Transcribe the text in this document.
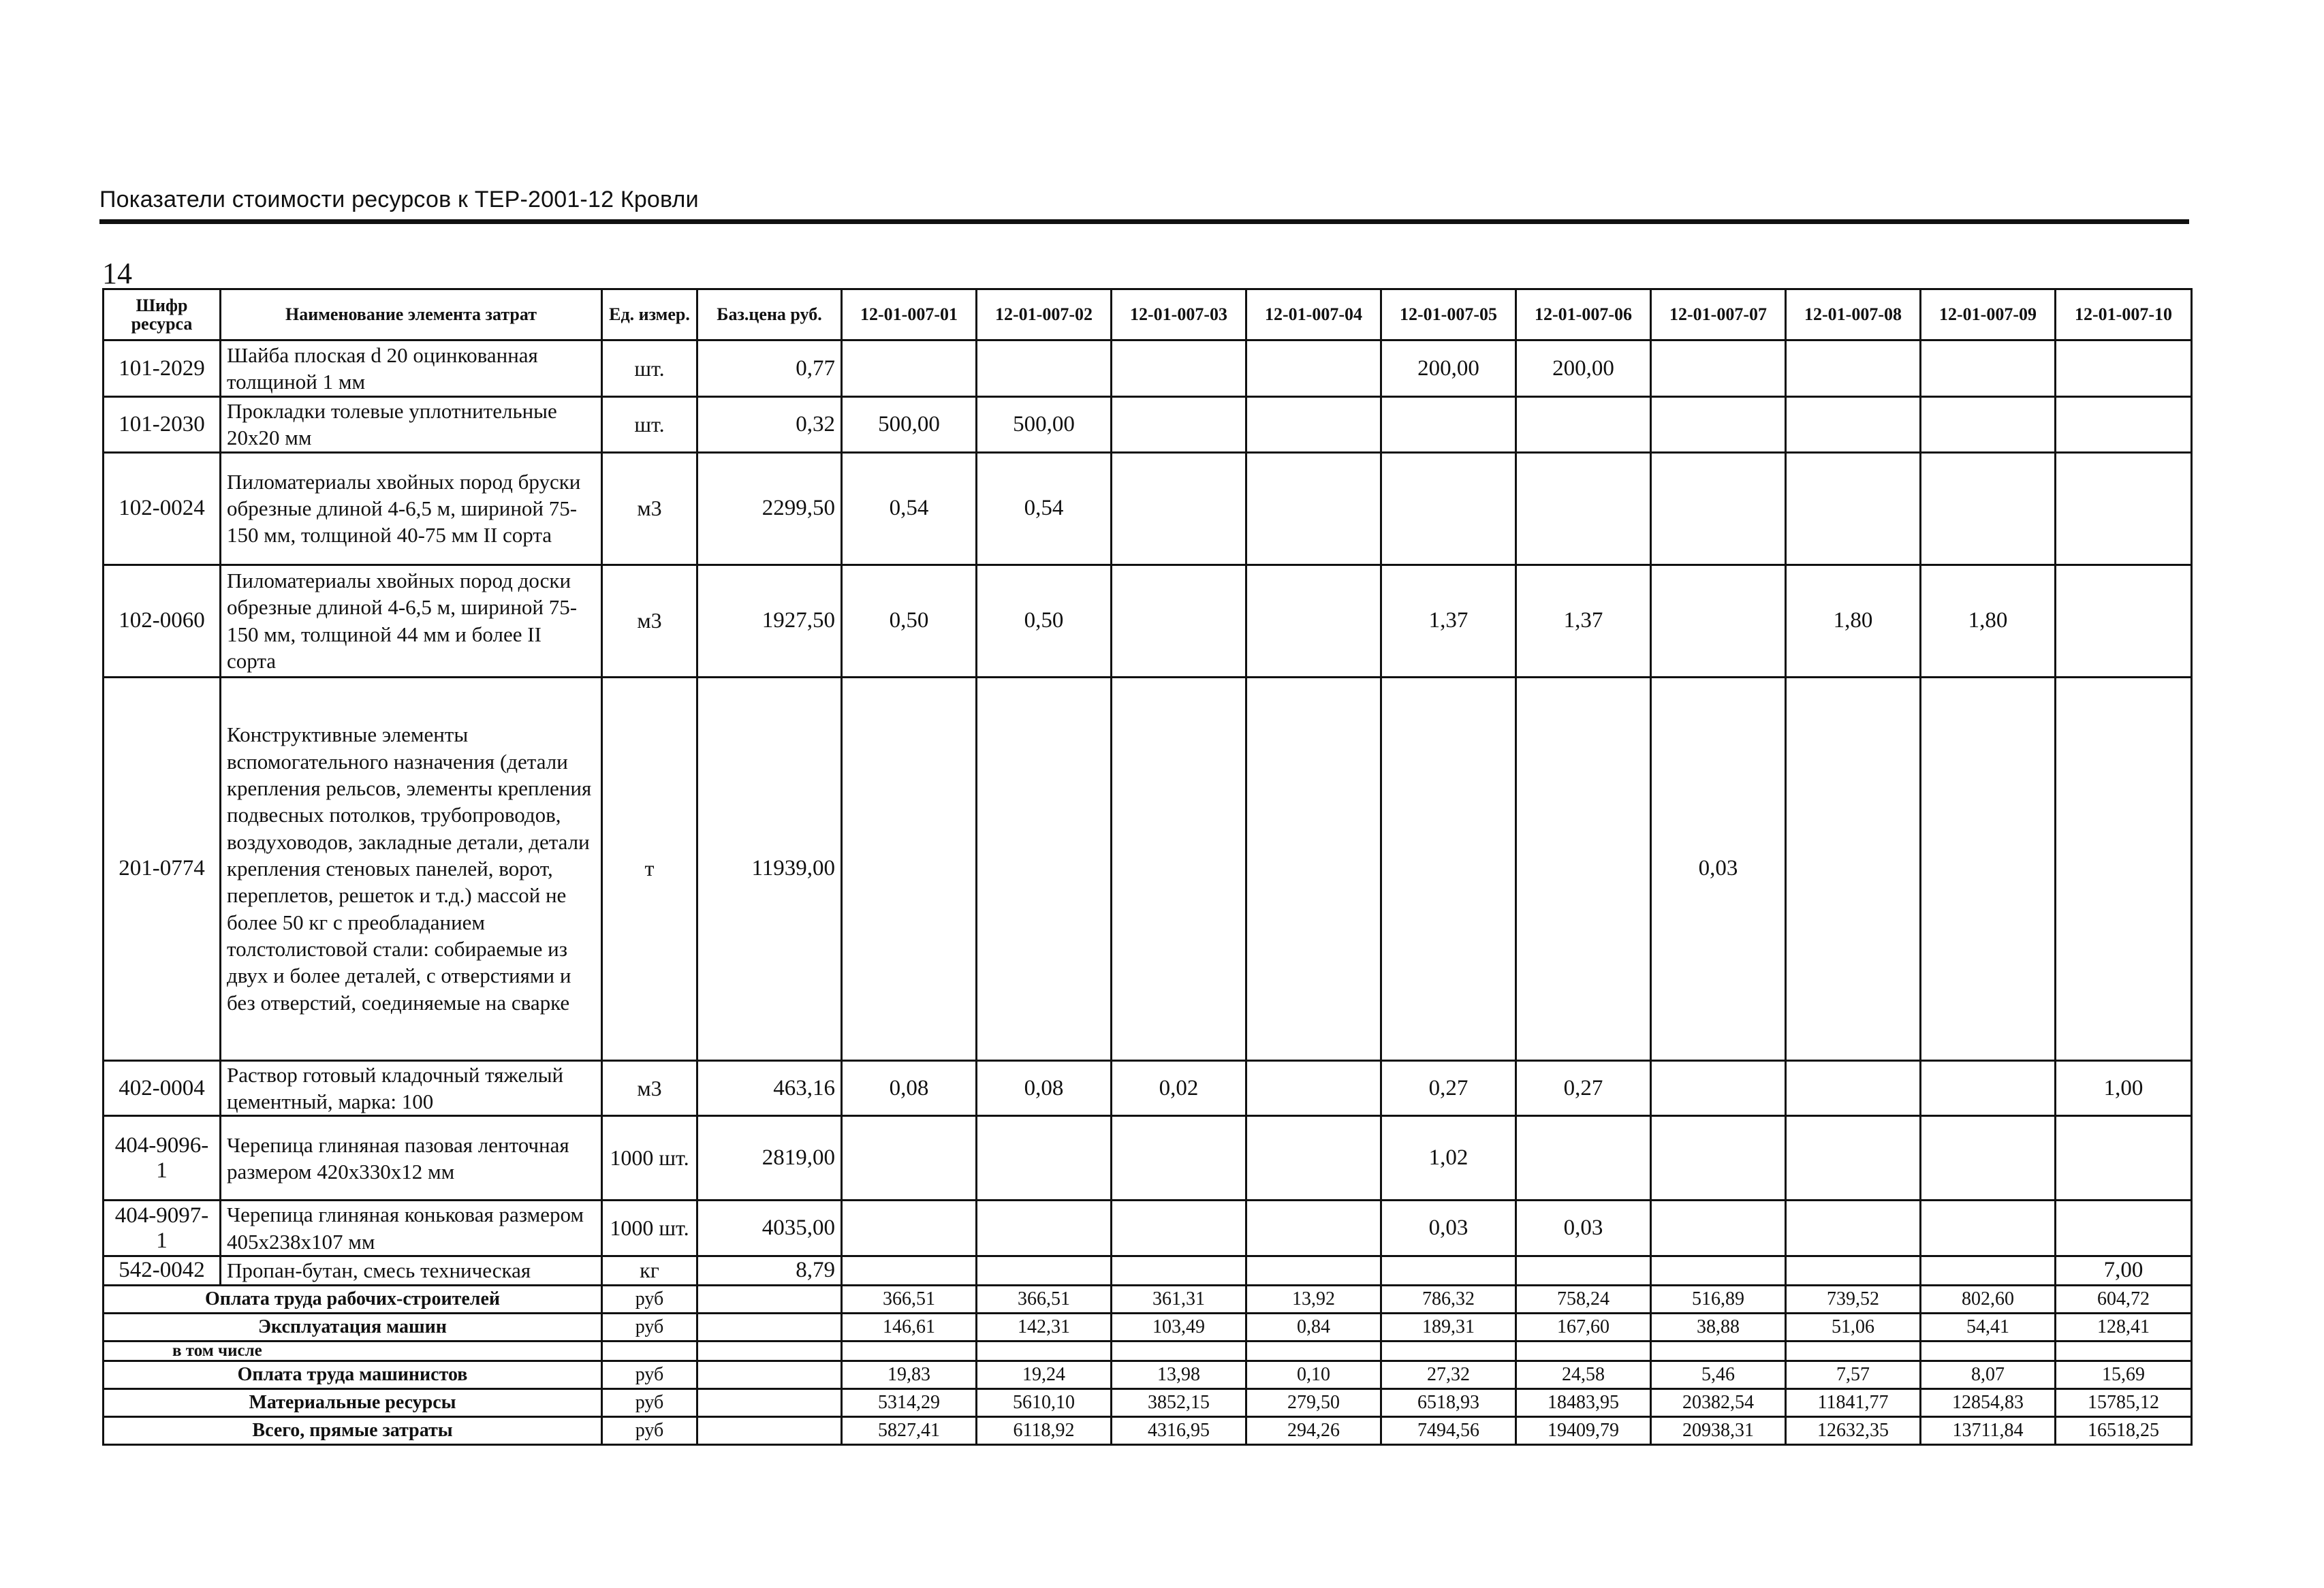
Показатели стоимости ресурсов к ТЕР-2001-12 Кровли
14
Шифр ресурса	Наименование элемента затрат	Ед. измер.	Баз.цена руб.	12-01-007-01	12-01-007-02	12-01-007-03	12-01-007-04	12-01-007-05	12-01-007-06	12-01-007-07	12-01-007-08	12-01-007-09	12-01-007-10
101-2029	Шайба плоская d 20 оцинкованная толщиной 1 мм	шт.	0,77					200,00	200,00				
101-2030	Прокладки толевые уплотнительные 20х20 мм	шт.	0,32	500,00	500,00								
102-0024	Пиломатериалы хвойных пород бруски обрезные длиной 4-6,5 м, шириной 75-150 мм, толщиной 40-75 мм II сорта	м3	2299,50	0,54	0,54								
102-0060	Пиломатериалы хвойных пород доски обрезные длиной 4-6,5 м, шириной 75-150 мм, толщиной 44 мм и более II сорта	м3	1927,50	0,50	0,50			1,37	1,37		1,80	1,80	
201-0774	Конструктивные элементы вспомогательного назначения (детали крепления рельсов, элементы крепления подвесных потолков, трубопроводов, воздуховодов, закладные детали, детали крепления стеновых панелей, ворот, переплетов, решеток и т.д.) массой не более 50 кг с преобладанием толстолистовой стали: собираемые из двух и более деталей, с отверстиями и без отверстий, соединяемые на сварке	т	11939,00							0,03			
402-0004	Раствор готовый кладочный тяжелый цементный, марка: 100	м3	463,16	0,08	0,08	0,02		0,27	0,27				1,00
404-9096-1	Черепица глиняная пазовая ленточная размером 420х330х12 мм	1000 шт.	2819,00					1,02					
404-9097-1	Черепица глиняная коньковая размером 405х238х107 мм	1000 шт.	4035,00					0,03	0,03				
542-0042	Пропан-бутан, смесь техническая	кг	8,79										7,00
Оплата труда рабочих-строителей		руб		366,51	366,51	361,31	13,92	786,32	758,24	516,89	739,52	802,60	604,72
Эксплуатация машин		руб		146,61	142,31	103,49	0,84	189,31	167,60	38,88	51,06	54,41	128,41
в том числе													
Оплата труда машинистов		руб		19,83	19,24	13,98	0,10	27,32	24,58	5,46	7,57	8,07	15,69
Материальные ресурсы		руб		5314,29	5610,10	3852,15	279,50	6518,93	18483,95	20382,54	11841,77	12854,83	15785,12
Всего, прямые затраты		руб		5827,41	6118,92	4316,95	294,26	7494,56	19409,79	20938,31	12632,35	13711,84	16518,25
